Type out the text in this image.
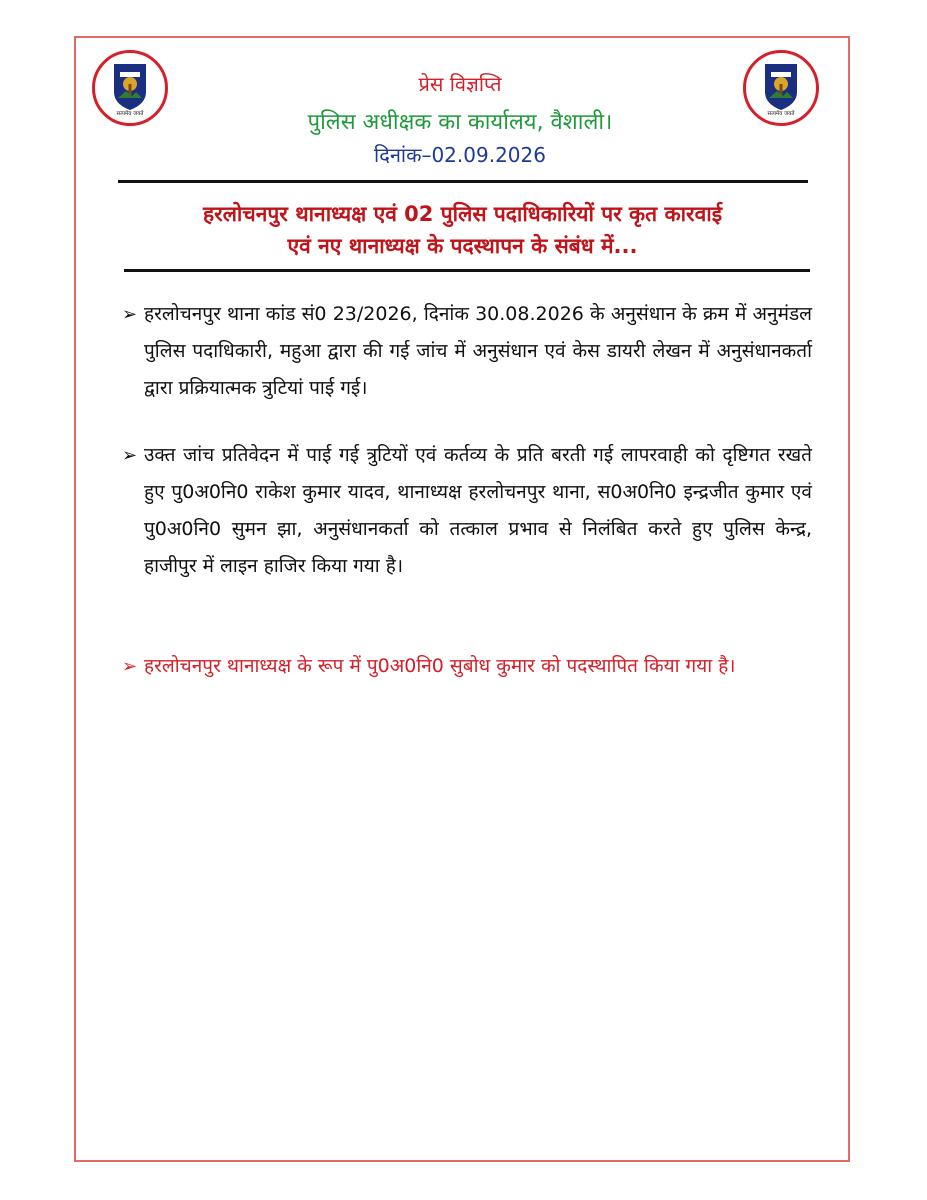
सत्यमेव जयते	सत्यमेव जयते
प्रेस विज्ञप्ति
पुलिस अधीक्षक का कार्यालय, वैशाली।
दिनांक–02.09.2026
हरलोचनपुर थानाध्यक्ष एवं 02 पुलिस पदाधिकारियों पर कृत कारवाई
एवं नए थानाध्यक्ष के पदस्थापन के संबंध में...
➢ हरलोचनपुर थाना कांड सं0 23/2026, दिनांक 30.08.2026 के अनुसंधान के क्रम में अनुमंडल पुलिस पदाधिकारी, महुआ द्वारा की गई जांच में अनुसंधान एवं केस डायरी लेखन में अनुसंधानकर्ता द्वारा प्रक्रियात्मक त्रुटियां पाई गई।
➢ उक्त जांच प्रतिवेदन में पाई गई त्रुटियों एवं कर्तव्य के प्रति बरती गई लापरवाही को दृष्टिगत रखते हुए पु0अ0नि0 राकेश कुमार यादव, थानाध्यक्ष हरलोचनपुर थाना, स0अ0नि0 इन्द्रजीत कुमार एवं पु0अ0नि0 सुमन झा, अनुसंधानकर्ता को तत्काल प्रभाव से निलंबित करते हुए पुलिस केन्द्र, हाजीपुर में लाइन हाजिर किया गया है।
➢ हरलोचनपुर थानाध्यक्ष के रूप में पु0अ0नि0 सुबोध कुमार को पदस्थापित किया गया है।
